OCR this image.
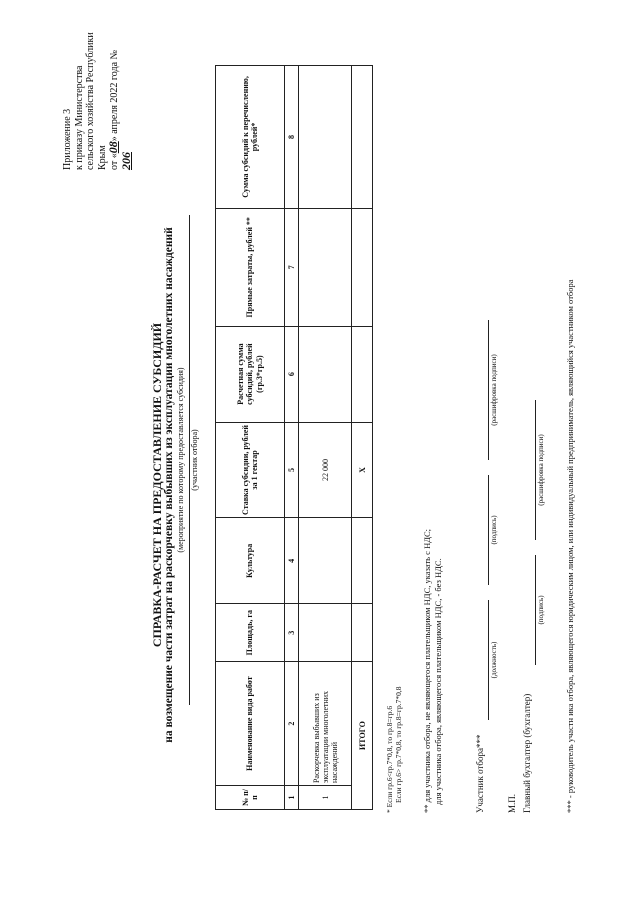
Приложение 3 к приказу Министерства сельского хозяйства Республики Крым от «08» апреля 2022 года № 206
СПРАВКА-РАСЧЕТ НА ПРЕДОСТАВЛЕНИЕ СУБСИДИЙ на возмещение части затрат на раскорчевку выбывших из эксплуатации многолетних насаждений (участник отбора)
(мероприятие по которому предоставляется субсидия)
№ п/п	Наименование вида работ	Площадь, га	Культура	Ставка субсидии, рублей за 1 гектар	Расчетная сумма субсидий, рублей (гр.3*гр.5)	Прямые затраты, рублей **	Сумма субсидий к перечислению, рублей*
1	2	3	4	5	6	7	8
1	Раскорчевка выбывших из эксплуатации многолетних насаждений			22 000			
ИТОГО				Х			
* Если гр.6<гр.7*0,8, то гр.8=гр.6 Если гр.6> гр.7*0,8, то гр.8=гр.7*0,8 ** для участника отбора, не являющегося плательщиком НДС, указать с НДС; для участника отбора, являющегося плательщиком НДС, - без НДС.	Участник отбора***
(должность)
(подпись)
(расшифровка подписи)
М.П. Главный бухгалтер (бухгалтер)
(подпись)
(расшифровка подписи) *** - руководитель участн ика отбора, являющегося юридическим лицом, или индивидуальный предприниматель, являющийся участником отбора
